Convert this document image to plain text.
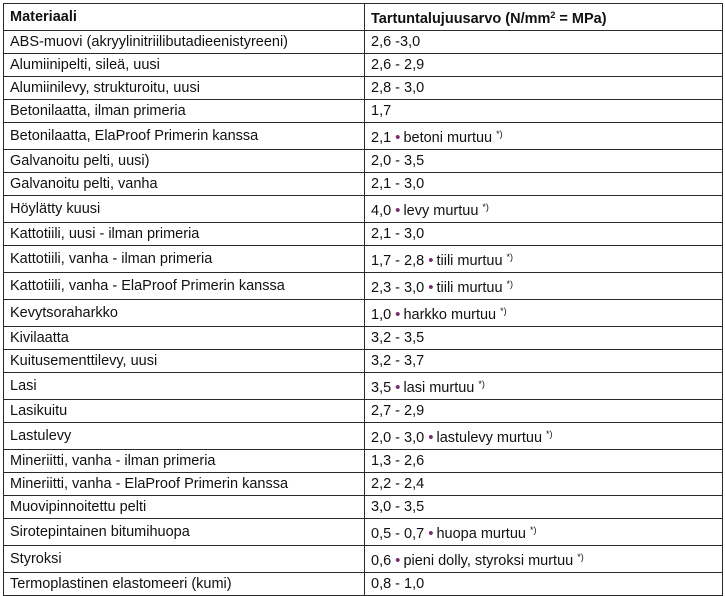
Materiaali	Tartuntalujuusarvo $(N/mm^2 = MPa)$
ABS-muovi (akryylinitriilibutadieenistyreeni)	2,6 -3,0
Alumiinipelti, sileä, uusi	2,6 - 2,9
Alumiinilevy, strukturoitu, uusi	2,8 - 3,0
Betonilaatta, ilman primeria	1,7
Betonilaatta, ElaProof Primerin kanssa	2,1 • betoni murtuu *)
Galvanoitu pelti, uusi)	2,0 - 3,5
Galvanoitu pelti, vanha	2,1 - 3,0
Höylätty kuusi	4,0 • levy murtuu *)
Kattotiili, uusi - ilman primeria	2,1 - 3,0
Kattotiili, vanha - ilman primeria	1,7 - 2,8 • tiili murtuu *)
Kattotiili, vanha - ElaProof Primerin kanssa	2,3 - 3,0 • tiili murtuu *)
Kevytsoraharkko	1,0 • harkko murtuu *)
Kivilaatta	3,2 - 3,5
Kuitusementtilevy, uusi	3,2 - 3,7
Lasi	3,5 • lasi murtuu *)
Lasikuitu	2,7 - 2,9
Lastulevy	2,0 - 3,0 • lastulevy murtuu *)
Mineriitti, vanha - ilman primeria	1,3 - 2,6
Mineriitti, vanha - ElaProof Primerin kanssa	2,2 - 2,4
Muovipinnoitettu pelti	3,0 - 3,5
Sirotepintainen bitumihuopa	0,5 - 0,7 • huopa murtuu *)
Styroksi	0,6 • pieni dolly, styroksi murtuu *)
Termoplastinen elastomeeri (kumi)	0,8 - 1,0
